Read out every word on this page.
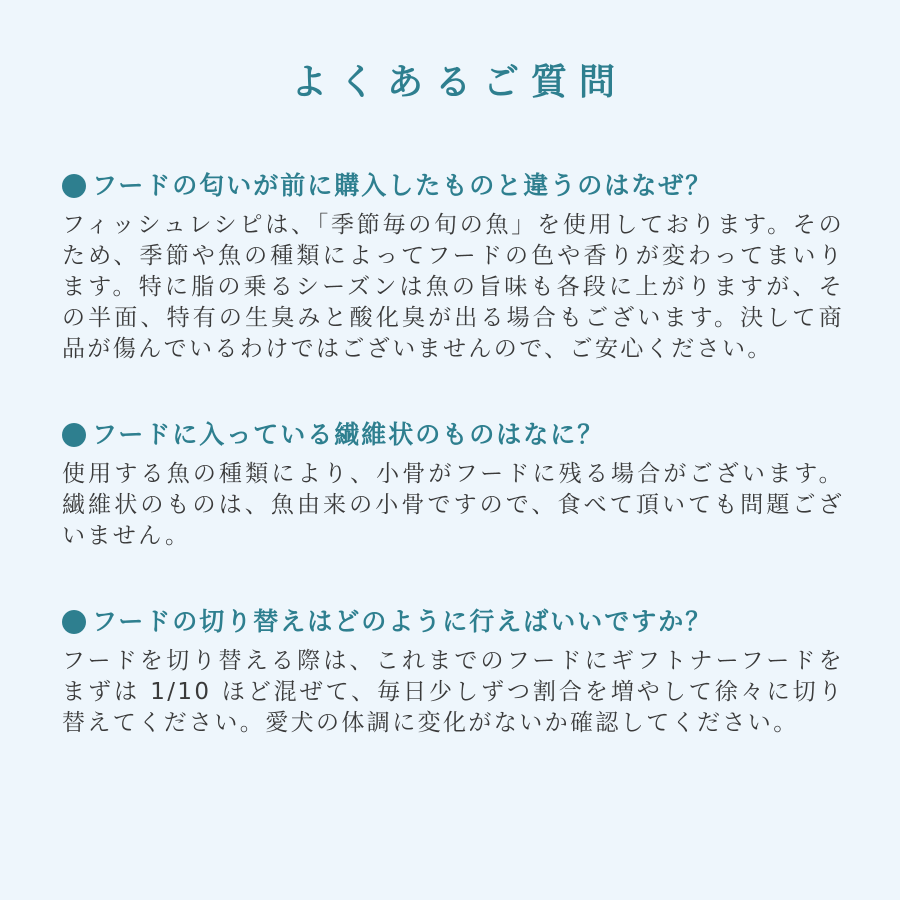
よくあるご質問
フードの匂いが前に購入したものと違うのはなぜ？

フィッシュレシピは、「季節毎の旬の魚」を使用しております。そのため、季節や魚の種類によってフードの色や香りが変わってまいります。特に脂の乗るシーズンは魚の旨味も各段に上がりますが、その半面、特有の生臭みと酸化臭が出る場合もございます。決して商品が傷んでいるわけではございませんので、ご安心ください。

フードに入っている繊維状のものはなに？

使用する魚の種類により、小骨がフードに残る場合がございます。繊維状のものは、魚由来の小骨ですので、食べて頂いても問題ございません。

フードの切り替えはどのように行えばいいですか？

フードを切り替える際は、これまでのフードにギフトナーフードをまずは 1/10 ほど混ぜて、毎日少しずつ割合を増やして徐々に切り替えてください。愛犬の体調に変化がないか確認してください。
